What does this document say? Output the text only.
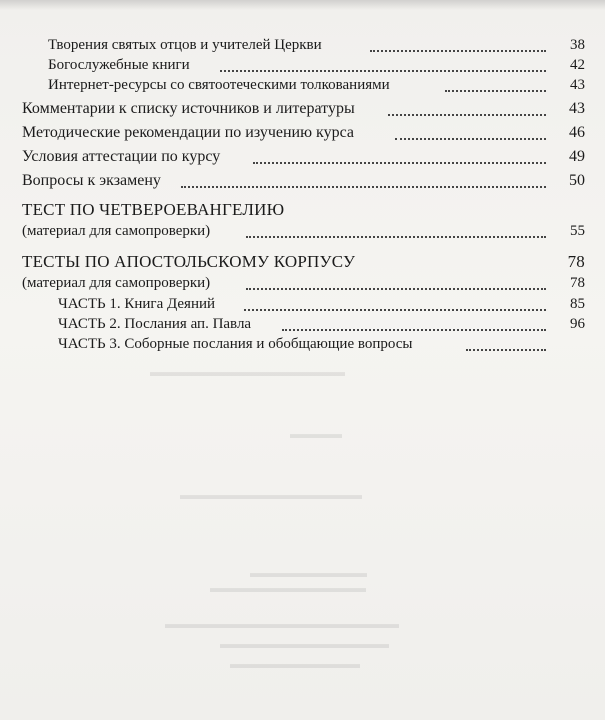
▬▬▬▬▬▬▬▬▬▬▬▬▬▬▬
▬▬▬▬
▬▬▬▬▬▬▬▬▬▬▬▬▬▬
▬▬▬▬▬▬▬▬▬
▬▬▬▬▬▬▬▬▬▬▬▬
▬▬▬▬▬▬▬▬▬▬▬▬▬▬▬▬▬▬
▬▬▬▬▬▬▬▬▬▬▬▬▬
▬▬▬▬▬▬▬▬▬▬
Творения святых отцов и учителей Церкви	38
Богослужебные книги	42
Интернет-ресурсы со святоотеческими толкованиями	43
Комментарии к списку источников и литературы	43
Методические рекомендации по изучению курса	46
Условия аттестации по курсу	49
Вопросы к экзамену	50
ТЕСТ ПО ЧЕТВЕРОЕВАНГЕЛИЮ
(материал для самопроверки)	55
ТЕСТЫ ПО АПОСТОЛЬСКОМУ КОРПУСУ	78
(материал для самопроверки)	78
ЧАСТЬ 1. Книга Деяний	85
ЧАСТЬ 2. Послания ап. Павла	96
ЧАСТЬ 3. Соборные послания и обобщающие вопросы
